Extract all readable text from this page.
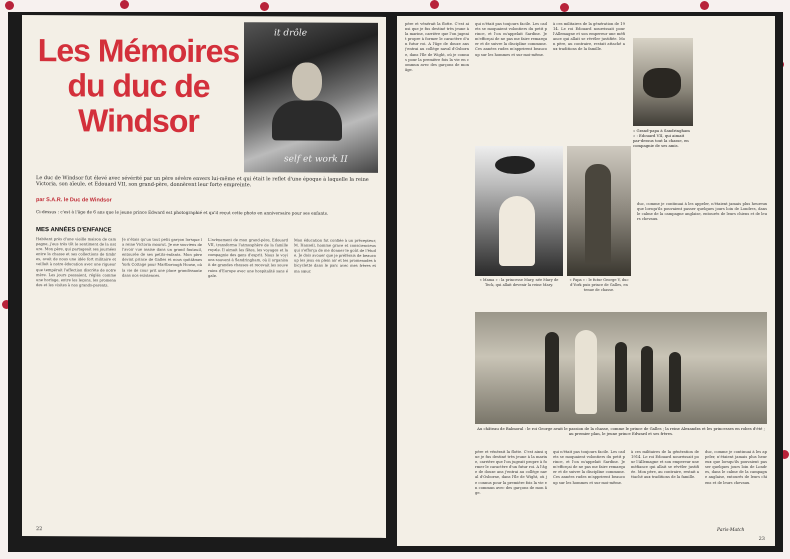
Les Mémoires du duc de Windsor
it drôle
self et work II
Le duc de Windsor fut élevé avec sévérité par un père sévère envers lui-même et qui était le reflet d'une époque à laquelle la reine Victoria, son aïeule, et Edouard VII, son grand-père, donnèrent leur forte empreinte.
par S.A.R. le Duc de Windsor
Ci-dessus : c'est à l'âge de 6 ans que le jeune prince Edward est photographié et qu'il reçut cette photo en anniversaire pour ses enfants.
MES ANNÉES D'ENFANCE
Habitant près d'une vieille maison de campagne, j'eus très tôt le sentiment de la nature. Mon père, qui partageait ses journées entre la chasse et ses collections de timbres, avait de nous une idée fort militaire et veillait à notre éducation avec une rigueur que tempérait l'affection discrète de notre mère. Les jours passaient, réglés comme une horloge, entre les leçons, les promenades et les visites à nos grands-parents.
Je n'étais qu'un tout petit garçon lorsque la reine Victoria mourut. Je me souviens de l'avoir vue assise dans un grand fauteuil, entourée de ses petits-enfants. Mon père devint prince de Galles et nous quittâmes York Cottage pour Marlborough House, où la vie de cour prit une place grandissante dans nos existences.
L'avènement de mon grand-père, Edouard VII, transforma l'atmosphère de la famille royale. Il aimait les fêtes, les voyages et la compagnie des gens d'esprit. Nous le voyions souvent à Sandringham, où il organisait de grandes chasses et recevait les souverains d'Europe avec une hospitalité sans égale.
Mon éducation fut confiée à un précepteur, M. Hansell, homme grave et consciencieux qui s'efforça de me donner le goût de l'étude. Je dois avouer que je préférais de beaucoup les jeux en plein air et les promenades à bicyclette dans le parc avec mes frères et ma sœur.
22
père et vénérait la flotte. C'est ainsi que je fus destiné très jeune à la marine, carrière que l'on jugeait propre à former le caractère d'un futur roi. A l'âge de douze ans j'entrai au collège naval d'Osborne, dans l'île de Wight, où je connus pour la première fois la vie en commun avec des garçons de mon âge.
qui n'était pas toujours facile. Les cadets se moquaient volontiers du petit prince, et l'on m'appelait Sardine. Je m'efforçai de ne pas me faire remarquer et de suivre la discipline commune. Ces années rudes m'apprirent beaucoup sur les hommes et sur moi-même.
à ces militaires de la génération de 1914. Le roi Edouard nourrissait pour l'Allemagne et son empereur une méfiance qui allait se révéler justifiée. Mon père, au contraire, restait attaché aux traditions de la famille.
« Grand-papa à Sandringham » : Edouard VII, qui aimait par-dessus tout la chasse, en compagnie de ses amis.
« Mama » : la princesse Mary, née Mary de Teck, qui allait devenir la reine Mary.
« Papa » : le futur George V, duc d'York puis prince de Galles, en tenue de chasse.
duc, comme je continuai à les appeler, n'étaient jamais plus heureux que lorsqu'ils pouvaient passer quelques jours loin de Londres, dans le calme de la campagne anglaise, entourés de leurs chiens et de leurs chevaux.
Au château de Balmoral : le roi George avait le passion de la chasse, comme le prince de Galles ; la reine Alexandra et les princesses en robes d'été ; au premier plan, le jeune prince Edward et ses frères.
père et vénérait la flotte. C'est ainsi que je fus destiné très jeune à la marine, carrière que l'on jugeait propre à former le caractère d'un futur roi. A l'âge de douze ans j'entrai au collège naval d'Osborne, dans l'île de Wight, où je connus pour la première fois la vie en commun avec des garçons de mon âge.
qui n'était pas toujours facile. Les cadets se moquaient volontiers du petit prince, et l'on m'appelait Sardine. Je m'efforçai de ne pas me faire remarquer et de suivre la discipline commune. Ces années rudes m'apprirent beaucoup sur les hommes et sur moi-même.
à ces militaires de la génération de 1914. Le roi Edouard nourrissait pour l'Allemagne et son empereur une méfiance qui allait se révéler justifiée. Mon père, au contraire, restait attaché aux traditions de la famille.
duc, comme je continuai à les appeler, n'étaient jamais plus heureux que lorsqu'ils pouvaient passer quelques jours loin de Londres, dans le calme de la campagne anglaise, entourés de leurs chiens et de leurs chevaux.
Paris-Match
23
